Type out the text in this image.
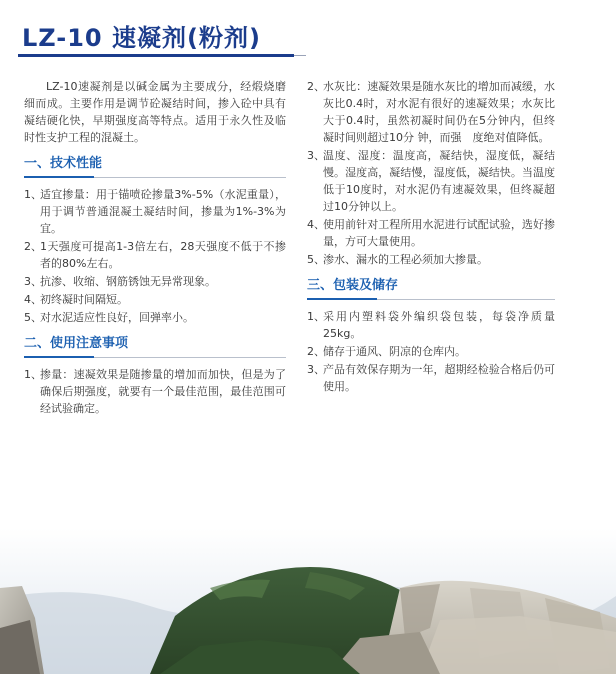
LZ-10 速凝剂(粉剂)

LZ-10速凝剂是以碱金属为主要成分，经煅烧磨细而成。主要作用是调节砼凝结时间，掺入砼中具有凝结硬化快，早期强度高等特点。适用于永久性及临时性支护工程的混凝土。

一、技术性能
1、
适宜掺量：用于锚喷砼掺量3%-5%（水泥重量），用于调节普通混凝土凝结时间，掺量为1%-3%为宜。
2、
1天强度可提高1-3倍左右，28天强度不低于不掺者的80%左右。
3、
抗渗、收缩、钢筋锈蚀无异常现象。
4、
初终凝时间隔短。
5、
对水泥适应性良好，回弹率小。
二、使用注意事项
1、
掺量：速凝效果是随掺量的增加而加快，但是为了确保后期强度，就要有一个最佳范围，最佳范围可经试验确定。
2、
水灰比：速凝效果是随水灰比的增加而减缓，水灰比0.4时，对水泥有很好的速凝效果；水灰比大于0.4时，虽然初凝时间仍在5分钟内，但终凝时间则超过10分 钟，而强　度绝对值降低。
3、
温度、湿度：温度高，凝结快，湿度低，凝结慢。湿度高，凝结慢，湿度低，凝结快。当温度低于10度时，对水泥仍有速凝效果，但终凝超过10分钟以上。
4、
使用前针对工程所用水泥进行试配试验，选好掺量，方可大量使用。
5、
渗水、漏水的工程必须加大掺量。
三、包装及储存
1、
采用内塑料袋外编织袋包装，每袋净质量25kg。
2、
储存于通风、阴凉的仓库内。
3、
产品有效保存期为一年，超期经检验合格后仍可使用。
